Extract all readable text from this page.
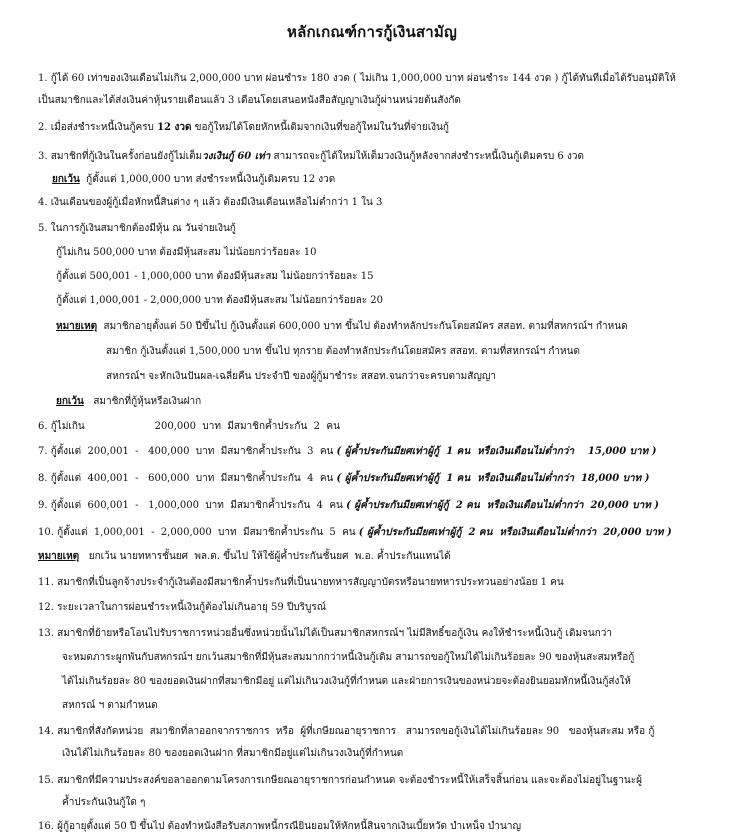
หลักเกณฑ์การกู้เงินสามัญ
1. กู้ได้ 60 เท่าของเงินเดือนไม่เกิน 2,000,000 บาท ผ่อนชำระ 180 งวด ( ไม่เกิน 1,000,000 บาท ผ่อนชำระ 144 งวด ) กู้ได้ทันทีเมื่อได้รับอนุมัติให้
เป็นสมาชิกและได้ส่งเงินค่าหุ้นรายเดือนแล้ว 3 เดือนโดยเสนอหนังสือสัญญาเงินกู้ผ่านหน่วยต้นสังกัด
2. เมื่อส่งชำระหนี้เงินกู้ครบ 12 งวด ขอกู้ใหม่ได้โดยหักหนี้เดิมจากเงินที่ขอกู้ใหม่ในวันที่จ่ายเงินกู้
3. สมาชิกที่กู้เงินในครั้งก่อนยังกู้ไม่เต็มวงเงินกู้ 60 เท่า สามารถจะกู้ได้ใหม่ให้เต็มวงเงินกู้หลังจากส่งชำระหนี้เงินกู้เดิมครบ 6 งวด
ยกเว้น  กู้ตั้งแต่ 1,000,000 บาท ส่งชำระหนี้เงินกู้เดิมครบ 12 งวด
4. เงินเดือนของผู้กู้เมื่อหักหนี้สินต่าง ๆ แล้ว ต้องมีเงินเดือนเหลือไม่ต่ำกว่า 1 ใน 3
5. ในการกู้เงินสมาชิกต้องมีหุ้น ณ วันจ่ายเงินกู้
กู้ไม่เกิน 500,000 บาท ต้องมีหุ้นสะสม ไม่น้อยกว่าร้อยละ 10
กู้ตั้งแต่ 500,001 - 1,000,000 บาท ต้องมีหุ้นสะสม ไม่น้อยกว่าร้อยละ 15
กู้ตั้งแต่ 1,000,001 - 2,000,000 บาท ต้องมีหุ้นสะสม ไม่น้อยกว่าร้อยละ 20
หมายเหตุ  สมาชิกอายุตั้งแต่ 50 ปีขึ้นไป กู้เงินตั้งแต่ 600,000 บาท ขึ้นไป ต้องทำหลักประกันโดยสมัคร สสอท. ตามที่สหกรณ์ฯ กำหนด
สมาชิก กู้เงินตั้งแต่ 1,500,000 บาท ขึ้นไป ทุกราย ต้องทำหลักประกันโดยสมัคร สสอท. ตามที่สหกรณ์ฯ กำหนด
สหกรณ์ฯ จะหักเงินปันผล-เฉลี่ยคืน ประจำปี ของผู้กู้มาชำระ สสอท.จนกว่าจะครบตามสัญญา
ยกเว้น   สมาชิกที่กู้หุ้นหรือเงินฝาก
6. กู้ไม่เกิน                      200,000  บาท  มีสมาชิกค้ำประกัน  2  คน
7. กู้ตั้งแต่  200,001  -   400,000  บาท  มีสมาชิกค้ำประกัน  3  คน ( ผู้ค้ำประกันมียศเท่าผู้กู้  1 คน  หรือเงินเดือนไม่ต่ำกว่า    15,000 บาท )
8. กู้ตั้งแต่  400,001  -   600,000  บาท  มีสมาชิกค้ำประกัน  4  คน ( ผู้ค้ำประกันมียศเท่าผู้กู้  1 คน  หรือเงินเดือนไม่ต่ำกว่า  18,000 บาท )
9. กู้ตั้งแต่  600,001  -   1,000,000  บาท  มีสมาชิกค้ำประกัน  4  คน ( ผู้ค้ำประกันมียศเท่าผู้กู้  2 คน  หรือเงินเดือนไม่ต่ำกว่า  20,000 บาท )
10. กู้ตั้งแต่  1,000,001  -  2,000,000  บาท  มีสมาชิกค้ำประกัน  5  คน ( ผู้ค้ำประกันมียศเท่าผู้กู้  2 คน  หรือเงินเดือนไม่ต่ำกว่า  20,000 บาท )
หมายเหตุ   ยกเว้น นายทหารชั้นยศ  พล.ต. ขึ้นไป ให้ใช้ผู้ค้ำประกันชั้นยศ  พ.อ. ค้ำประกันแทนได้
11. สมาชิกที่เป็นลูกจ้างประจำกู้เงินต้องมีสมาชิกค้ำประกันที่เป็นนายทหารสัญญาบัตรหรือนายทหารประทวนอย่างน้อย 1 คน
12. ระยะเวลาในการผ่อนชำระหนี้เงินกู้ต้องไม่เกินอายุ 59 ปีบริบูรณ์
13. สมาชิกที่ย้ายหรือโอนไปรับราชการหน่วยอื่นซึ่งหน่วยนั้นไม่ได้เป็นสมาชิกสหกรณ์ฯ ไม่มีสิทธิ์ขอกู้เงิน คงให้ชำระหนี้เงินกู้ เดิมจนกว่า
จะหมดภาระผูกพันกับสหกรณ์ฯ ยกเว้นสมาชิกที่มีหุ้นสะสมมากกว่าหนี้เงินกู้เดิม สามารถขอกู้ใหม่ได้ไม่เกินร้อยละ 90 ของหุ้นสะสมหรือกู้
ได้ไม่เกินร้อยละ 80 ของยอดเงินฝากที่สมาชิกมีอยู่ แต่ไม่เกินวงเงินกู้ที่กำหนด และฝ่ายการเงินของหน่วยจะต้องยินยอมหักหนี้เงินกู้ส่งให้
สหกรณ์ ฯ ตามกำหนด
14. สมาชิกที่สังกัดหน่วย  สมาชิกที่ลาออกจากราชการ  หรือ  ผู้ที่เกษียณอายุราชการ   สามารถขอกู้เงินได้ไม่เกินร้อยละ 90   ของหุ้นสะสม หรือ กู้
เงินได้ไม่เกินร้อยละ 80 ของยอดเงินฝาก ที่สมาชิกมีอยู่แต่ไม่เกินวงเงินกู้ที่กำหนด
15. สมาชิกที่มีความประสงค์ขอลาออกตามโครงการเกษียณอายุราชการก่อนกำหนด จะต้องชำระหนี้ให้เสร็จสิ้นก่อน และจะต้องไม่อยู่ในฐานะผู้
ค้ำประกันเงินกู้ใด ๆ
16. ผู้กู้อายุตั้งแต่ 50 ปี ขึ้นไป ต้องทำหนังสือรับสภาพหนี้กรณียินยอมให้หักหนี้สินจากเงินเบี้ยหวัด บำเหน็จ บำนาญ
